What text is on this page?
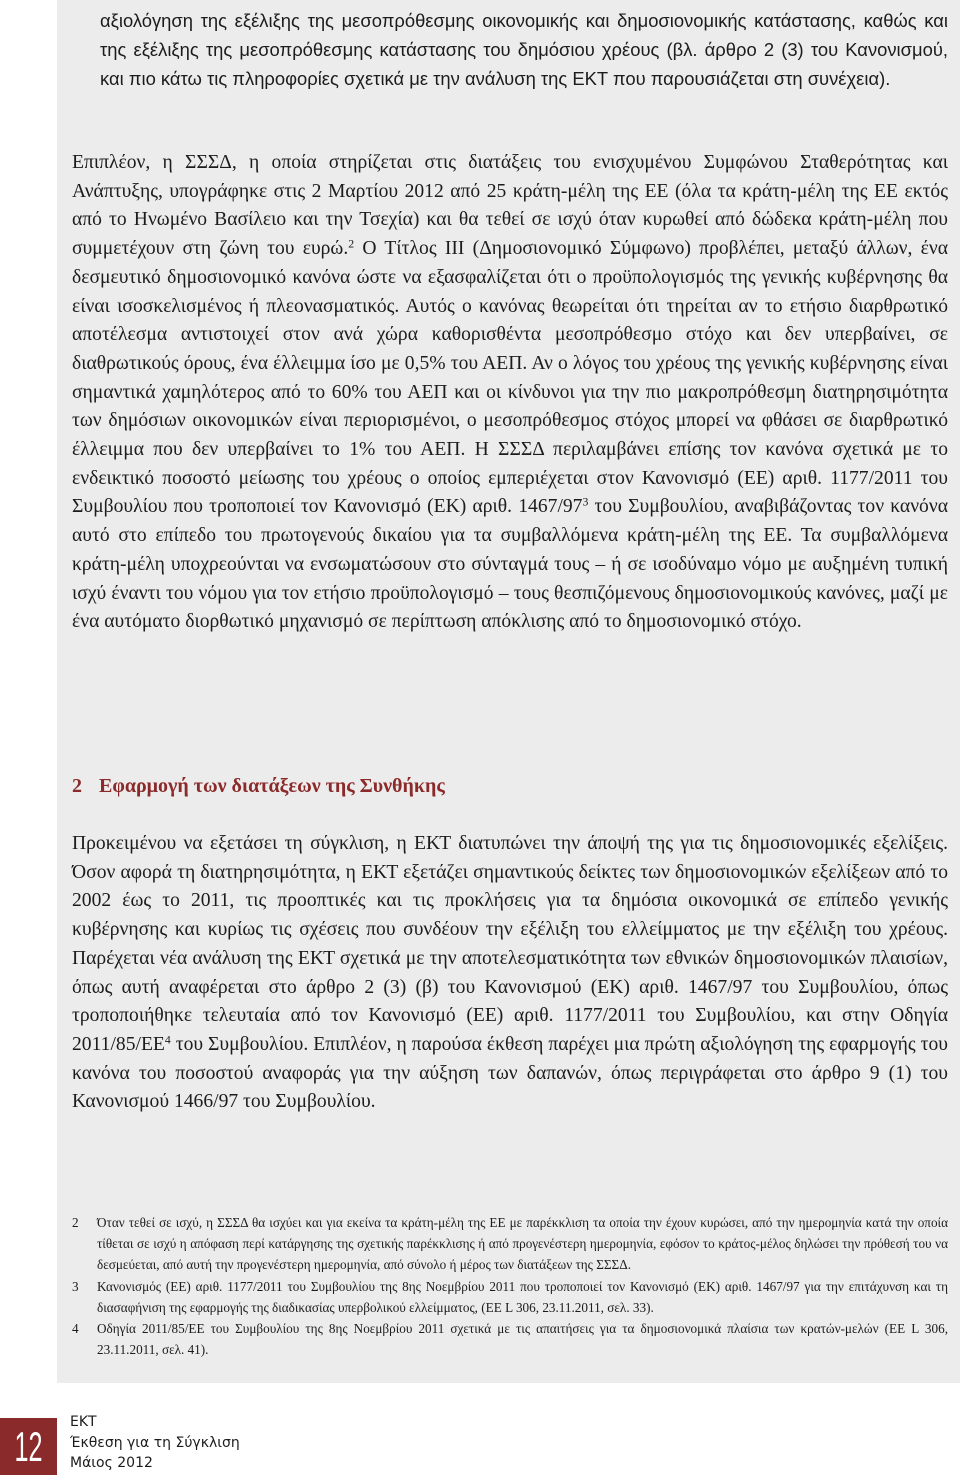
αξιολόγηση της εξέλιξης της μεσοπρόθεσμης οικονομικής και δημοσιονομικής κατάστασης, καθώς και της εξέλιξης της μεσοπρόθεσμης κατάστασης του δημόσιου χρέους (βλ. άρθρο 2 (3) του Κανονισμού, και πιο κάτω τις πληροφορίες σχετικά με την ανάλυση της ΕΚΤ που παρουσιάζεται στη συνέχεια).

Επιπλέον, η ΣΣΣΔ, η οποία στηρίζεται στις διατάξεις του ενισχυμένου Συμφώνου Σταθερότητας και Ανάπτυξης, υπογράφηκε στις 2 Μαρτίου 2012 από 25 κράτη-μέλη της ΕΕ (όλα τα κράτη-μέλη της ΕΕ εκτός από το Ηνωμένο Βασίλειο και την Τσεχία) και θα τεθεί σε ισχύ όταν κυρωθεί από δώδεκα κράτη-μέλη που συμμετέχουν στη ζώνη του ευρώ.$^2$ Ο Τίτλος III (Δημοσιονομικό Σύμφωνο) προβλέπει, μεταξύ άλλων, ένα δεσμευτικό δημοσιονομικό κανόνα ώστε να εξασφαλίζεται ότι ο προϋπολογισμός της γενικής κυβέρνησης θα είναι ισοσκελισμένος ή πλεονασματικός. Αυτός ο κανόνας θεωρείται ότι τηρείται αν το ετήσιο διαρθρωτικό αποτέλεσμα αντιστοιχεί στον ανά χώρα καθορισθέντα μεσοπρόθεσμο στόχο και δεν υπερβαίνει, σε διαθρωτικούς όρους, ένα έλλειμμα ίσο με 0,5% του ΑΕΠ. Αν ο λόγος του χρέους της γενικής κυβέρνησης είναι σημαντικά χαμηλότερος από το 60% του ΑΕΠ και οι κίνδυνοι για την πιο μακροπρόθεσμη διατηρησιμότητα των δημόσιων οικονομικών είναι περιορισμένοι, ο μεσοπρόθεσμος στόχος μπορεί να φθάσει σε διαρθρωτικό έλλειμμα που δεν υπερβαίνει το 1% του ΑΕΠ. Η ΣΣΣΔ περιλαμβάνει επίσης τον κανόνα σχετικά με το ενδεικτικό ποσοστό μείωσης του χρέους ο οποίος εμπεριέχεται στον Κανονισμό (ΕΕ) αριθ. 1177/2011 του Συμβουλίου που τροποποιεί τον Κανονισμό (ΕΚ) αριθ. $1467/97^3$ του Συμβουλίου, αναβιβάζοντας τον κανόνα αυτό στο επίπεδο του πρωτογενούς δικαίου για τα συμβαλλόμενα κράτη-μέλη της ΕΕ. Τα συμβαλλόμενα κράτη-μέλη υποχρεούνται να ενσωματώσουν στο σύνταγμά τους – ή σε ισοδύναμο νόμο με αυξημένη τυπική ισχύ έναντι του νόμου για τον ετήσιο προϋπολογισμό – τους θεσπιζόμενους δημοσιονομικούς κανόνες, μαζί με ένα αυτόματο διορθωτικό μηχανισμό σε περίπτωση απόκλισης από το δημοσιονομικό στόχο.

2 Εφαρμογή των διατάξεων της Συνθήκης

Προκειμένου να εξετάσει τη σύγκλιση, η ΕΚΤ διατυπώνει την άποψή της για τις δημοσιονομικές εξελίξεις. Όσον αφορά τη διατηρησιμότητα, η ΕΚΤ εξετάζει σημαντικούς δείκτες των δημοσιονομικών εξελίξεων από το 2002 έως το 2011, τις προοπτικές και τις προκλήσεις για τα δημόσια οικονομικά σε επίπεδο γενικής κυβέρνησης και κυρίως τις σχέσεις που συνδέουν την εξέλιξη του ελλείμματος με την εξέλιξη του χρέους. Παρέχεται νέα ανάλυση της ΕΚΤ σχετικά με την αποτελεσματικότητα των εθνικών δημοσιονομικών πλαισίων, όπως αυτή αναφέρεται στο άρθρο 2 (3) (β) του Κανονισμού (ΕΚ) αριθ. 1467/97 του Συμβουλίου, όπως τροποποιήθηκε τελευταία από τον Κανονισμό (ΕΕ) αριθ. 1177/2011 του Συμβουλίου, και στην Οδηγία $2011/85/EE^4$ του Συμβουλίου. Επιπλέον, η παρούσα έκθεση παρέχει μια πρώτη αξιολόγηση της εφαρμογής του κανόνα του ποσοστού αναφοράς για την αύξηση των δαπανών, όπως περιγράφεται στο άρθρο 9 (1) του Κανονισμού 1466/97 του Συμβουλίου.

2	Όταν τεθεί σε ισχύ, η ΣΣΣΔ θα ισχύει και για εκείνα τα κράτη-μέλη της ΕΕ με παρέκκλιση τα οποία την έχουν κυρώσει, από την ημερομηνία κατά την οποία τίθεται σε ισχύ η απόφαση περί κατάργησης της σχετικής παρέκκλισης ή από προγενέστερη ημερομηνία, εφόσον το κράτος-μέλος δηλώσει την πρόθεσή του να δεσμεύεται, από αυτή την προγενέστερη ημερομηνία, από σύνολο ή μέρος των διατάξεων της ΣΣΣΔ.
3	Κανονισμός (ΕΕ) αριθ. 1177/2011 του Συμβουλίου της 8ης Νοεμβρίου 2011 που τροποποιεί τον Κανονισμό (ΕΚ) αριθ. 1467/97 για την επιτάχυνση και τη διασαφήνιση της εφαρμογής της διαδικασίας υπερβολικού ελλείμματος, (ΕΕ L 306, 23.11.2011, σελ. 33).
4	Οδηγία 2011/85/ΕΕ του Συμβουλίου της 8ης Νοεμβρίου 2011 σχετικά με τις απαιτήσεις για τα δημοσιονομικά πλαίσια των κρατών-μελών (ΕΕ L 306, 23.11.2011, σελ. 41).
12
ΕΚΤ
Έκθεση για τη Σύγκλιση
Μάιος 2012
